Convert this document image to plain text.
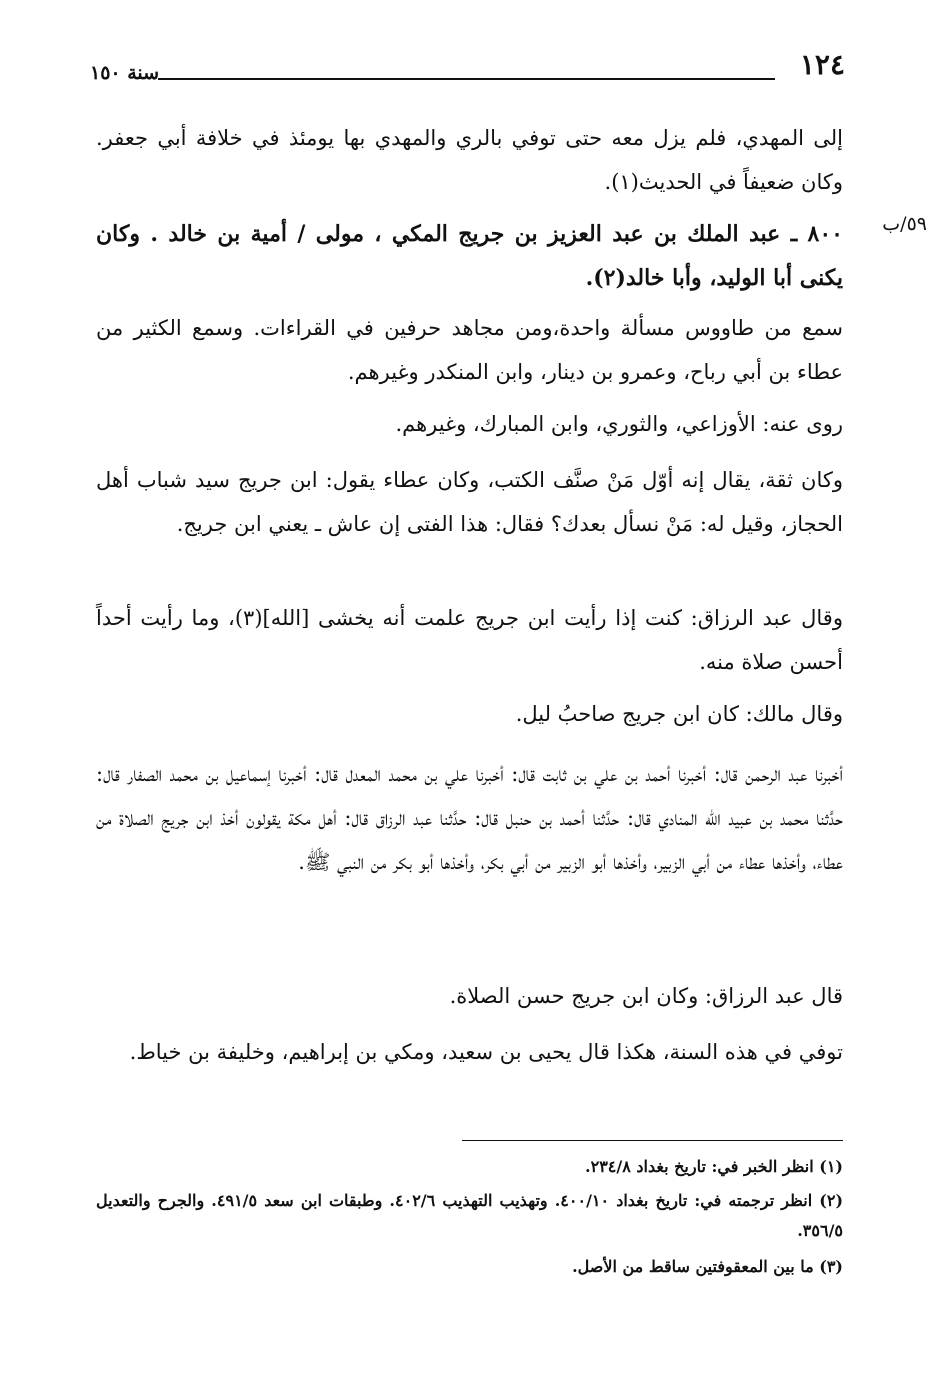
١٢٤
سنة ١٥٠
٥٩/ب
إلى المهدي، فلم يزل معه حتى توفي بالري والمهدي بها يومئذ في خلافة أبي جعفر. وكان ضعيفاً في الحديث(١).
٨٠٠ ـ عبد الملك بن عبد العزيز بن جريج المكي ، مولى / أمية بن خالد . وكان يكنى أبا الوليد، وأبا خالد(٢).
سمع من طاووس مسألة واحدة،ومن مجاهد حرفين في القراءات. وسمع الكثير من عطاء بن أبي رباح، وعمرو بن دينار، وابن المنكدر وغيرهم.
روى عنه: الأوزاعي، والثوري، وابن المبارك، وغيرهم.
وكان ثقة، يقال إنه أوّل مَنْ صنَّف الكتب، وكان عطاء يقول: ابن جريج سيد شباب أهل الحجاز، وقيل له: مَنْ نسأل بعدك؟ فقال: هذا الفتى إن عاش ـ يعني ابن جريج.
وقال عبد الرزاق: كنت إذا رأيت ابن جريج علمت أنه يخشى [الله](٣)، وما رأيت أحداً أحسن صلاة منه.
وقال مالك: كان ابن جريج صاحبُ ليل.
أخبرنا عبد الرحمن قال: أخبرنا أحمد بن علي بن ثابت قال: أخبرنا علي بن محمد المعدل قال: أخبرنا إسماعيل بن محمد الصفار قال: حدَّثنا محمد بن عبيد الله المنادي قال: حدَّثنا أحمد بن حنبل قال: حدَّثنا عبد الرزاق قال: أهل مكة يقولون أخذ ابن جريج الصلاة من عطاء، وأخذها عطاء من أبي الزبير، وأخذها أبو الزبير من أبي بكر، وأخذها أبو بكر من النبي ﷺ.
قال عبد الرزاق: وكان ابن جريج حسن الصلاة.
توفي في هذه السنة، هكذا قال يحيى بن سعيد، ومكي بن إبراهيم، وخليفة بن خياط.
(١) انظر الخبر في: تاريخ بغداد ٢٣٤/٨.
(٢) انظر ترجمته في: تاريخ بغداد ٤٠٠/١٠. وتهذيب التهذيب ٤٠٢/٦. وطبقات ابن سعد ٤٩١/٥. والجرح والتعديل ٣٥٦/٥.
(٣) ما بين المعقوفتين ساقط من الأصل.
